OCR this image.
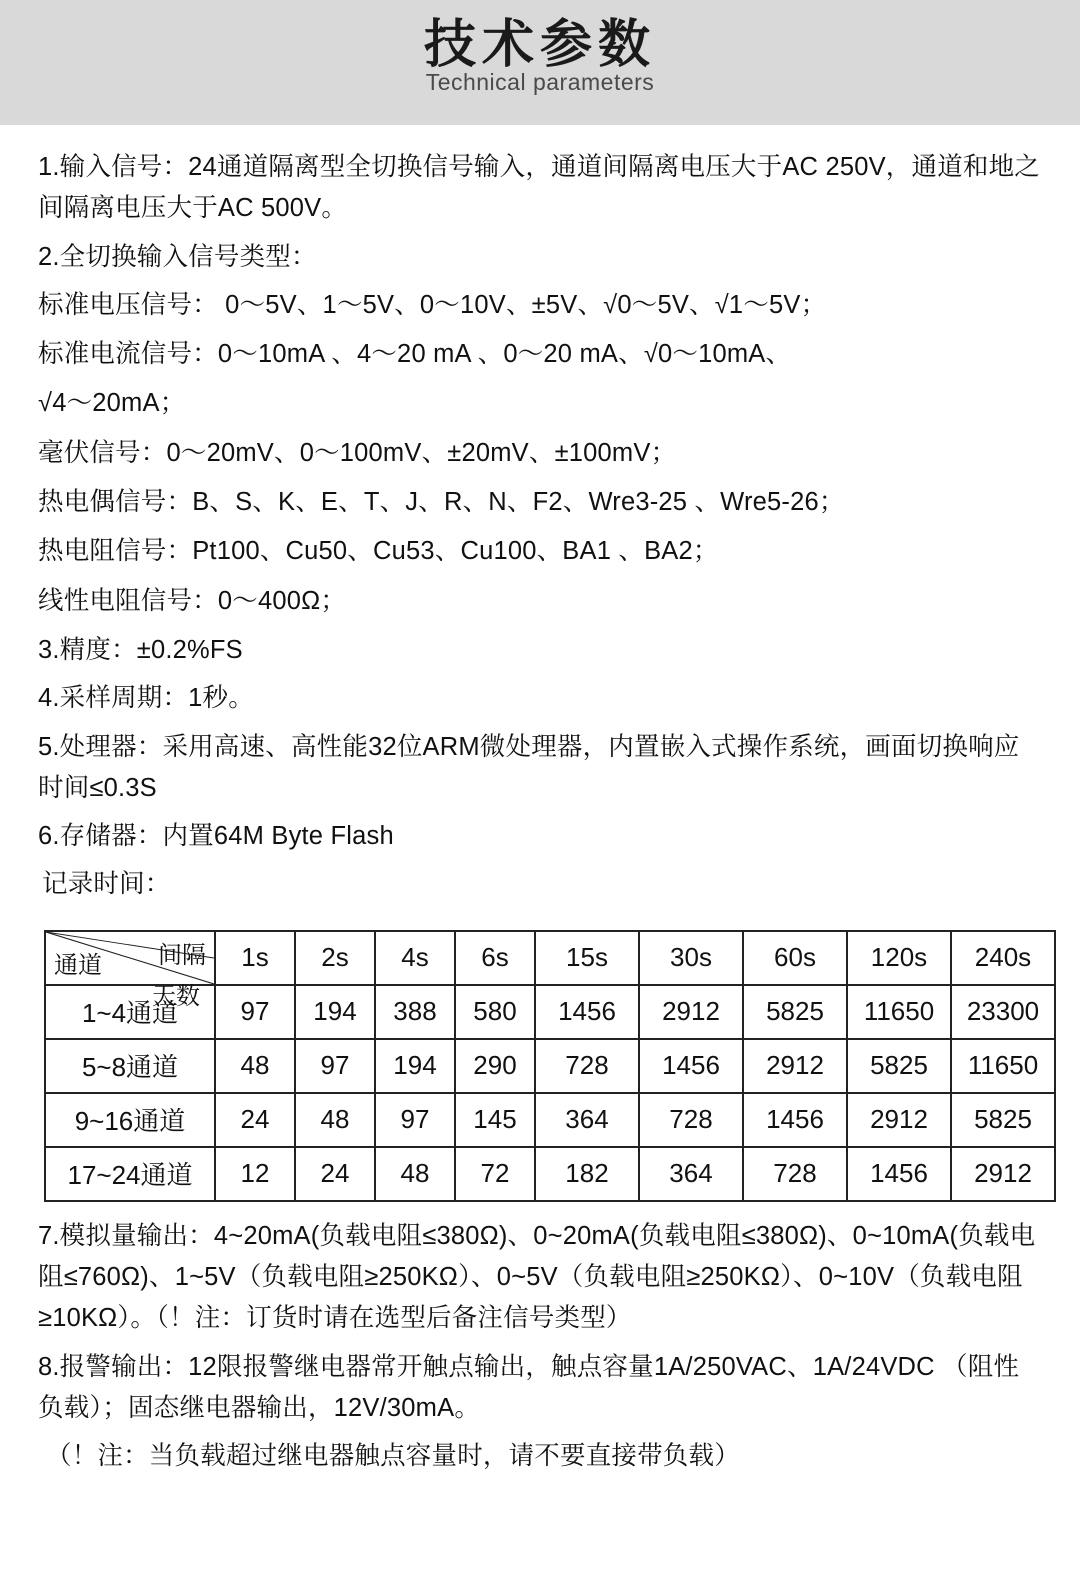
技术参数
Technical parameters

1.输入信号：24通道隔离型全切换信号输入，通道间隔离电压大于AC 250V，通道和地之间隔离电压大于AC 500V。

2.全切换输入信号类型：

标准电压信号： 0～5V、1～5V、0～10V、±5V、√0～5V、√1～5V；

标准电流信号：0～10mA 、4～20 mA 、0～20 mA、√0～10mA、

√4～20mA；

毫伏信号：0～20mV、0～100mV、±20mV、±100mV；

热电偶信号：B、S、K、E、T、J、R、N、F2、Wre3-25 、Wre5-26；

热电阻信号：Pt100、Cu50、Cu53、Cu100、BA1 、BA2；

线性电阻信号：0～400Ω；

3.精度：±0.2%FS

4.采样周期：1秒。

5.处理器：采用高速、高性能32位ARM微处理器，内置嵌入式操作系统，画面切换响应时间≤0.3S

6.存储器：内置64M Byte Flash

记录时间：

间隔
天数
通道	1s	2s	4s	6s	15s	30s	60s	120s	240s
1~4通道	97	194	388	580	1456	2912	5825	11650	23300
5~8通道	48	97	194	290	728	1456	2912	5825	11650
9~16通道	24	48	97	145	364	728	1456	2912	5825
17~24通道	12	24	48	72	182	364	728	1456	2912

7.模拟量输出：4~20mA(负载电阻≤380Ω)、0~20mA(负载电阻≤380Ω)、0~10mA(负载电阻≤760Ω)、1~5V（负载电阻≥250KΩ）、0~5V（负载电阻≥250KΩ）、0~10V（负载电阻≥10KΩ）。（！注：订货时请在选型后备注信号类型）

8.报警输出：12限报警继电器常开触点输出，触点容量1A/250VAC、1A/24VDC （阻性负载）；固态继电器输出，12V/30mA。

（！注：当负载超过继电器触点容量时，请不要直接带负载）
